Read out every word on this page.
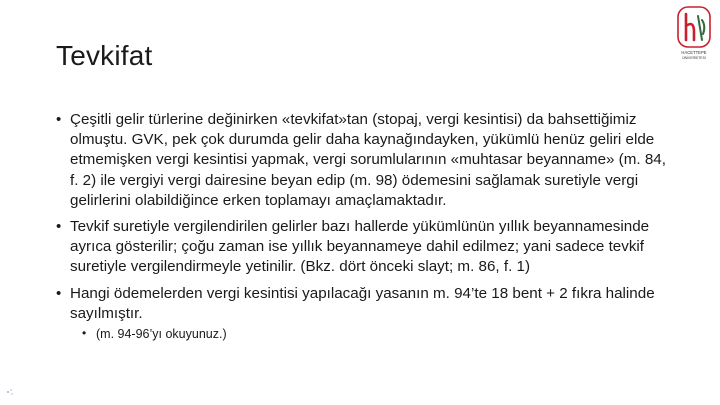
Tevkifat	HACETTEPE
ÜNİVERSİTESİ
• Çeşitli gelir türlerine değinirken «tevkifat»tan (stopaj, vergi kesintisi) da bahsettiğimiz olmuştu. GVK, pek çok durumda gelir daha kaynağındayken, yükümlü henüz geliri elde etmemişken vergi kesintisi yapmak, vergi sorumlularının «muhtasar beyanname» (m. 84, f. 2) ile vergiyi vergi dairesine beyan edip (m. 98) ödemesini sağlamak suretiyle vergi gelirlerini olabildiğince erken toplamayı amaçlamaktadır.
• Tevkif suretiyle vergilendirilen gelirler bazı hallerde yükümlünün yıllık beyannamesinde ayrıca gösterilir; çoğu zaman ise yıllık beyannameye dahil edilmez; yani sadece tevkif suretiyle vergilendirmeyle yetinilir. (Bkz. dört önceki slayt; m. 86, f. 1)
• Hangi ödemelerden vergi kesintisi yapılacağı yasanın m. 94’te 18 bent + 2 fıkra halinde sayılmıştır.
• (m. 94-96’yı okuyunuz.)
